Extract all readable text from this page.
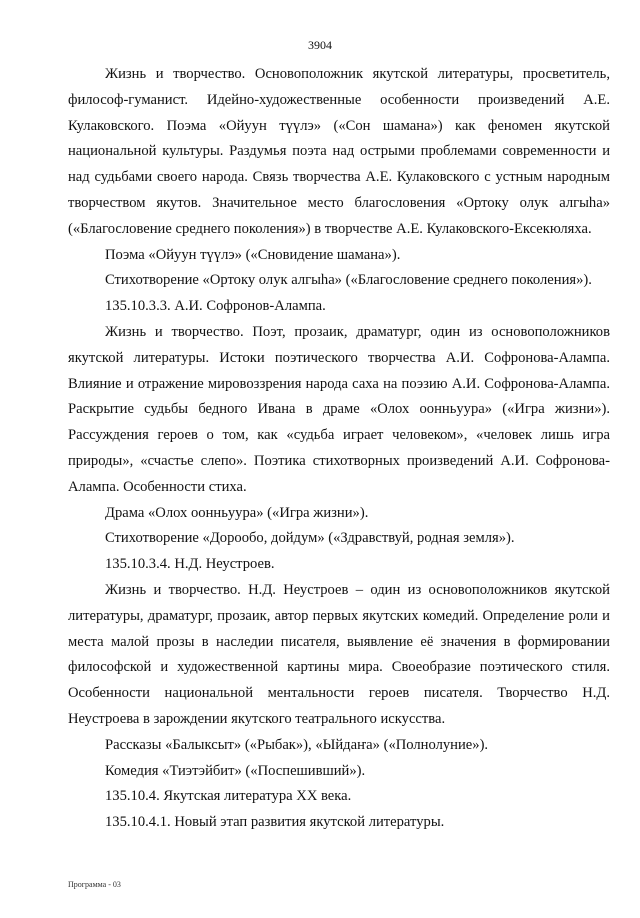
3904

Жизнь и творчество. Основоположник якутской литературы, просветитель, философ-гуманист. Идейно-художественные особенности произведений А.Е. Кулаковского. Поэма «Ойуун түүлэ» («Сон шамана») как феномен якутской национальной культуры. Раздумья поэта над острыми проблемами современности и над судьбами своего народа. Связь творчества А.Е. Кулаковского с устным народным творчеством якутов. Значительное место благословения «Ортоку олук алгыһа» («Благословение среднего поколения») в творчестве А.Е. Кулаковского-Ексекюляха.

Поэма «Ойуун түүлэ» («Сновидение шамана»).

Стихотворение «Ортоку олук алгыһа» («Благословение среднего поколения»).

135.10.3.3. А.И. Софронов-Алампа.

Жизнь и творчество. Поэт, прозаик, драматург, один из основоположников якутской литературы. Истоки поэтического творчества А.И. Софронова-Алампа. Влияние и отражение мировоззрения народа саха на поэзию А.И. Софронова-Алампа. Раскрытие судьбы бедного Ивана в драме «Олох оонньуура» («Игра жизни»). Рассуждения героев о том, как «судьба играет человеком», «человек лишь игра природы», «счастье слепо». Поэтика стихотворных произведений А.И. Софронова-Алампа. Особенности стиха.

Драма «Олох оонньуура» («Игра жизни»).

Стихотворение «Дорообо, дойдум» («Здравствуй, родная земля»).

135.10.3.4. Н.Д. Неустроев.

Жизнь и творчество. Н.Д. Неустроев – один из основоположников якутской литературы, драматург, прозаик, автор первых якутских комедий. Определение роли и места малой прозы в наследии писателя, выявление её значения в формировании философской и художественной картины мира. Своеобразие поэтического стиля. Особенности национальной ментальности героев писателя. Творчество Н.Д. Неустроева в зарождении якутского театрального искусства.

Рассказы «Балыксыт» («Рыбак»), «Ыйдаҥа» («Полнолуние»).

Комедия «Тиэтэйбит» («Поспешивший»).

135.10.4. Якутская литература XX века.

135.10.4.1. Новый этап развития якутской литературы.

Программа - 03
